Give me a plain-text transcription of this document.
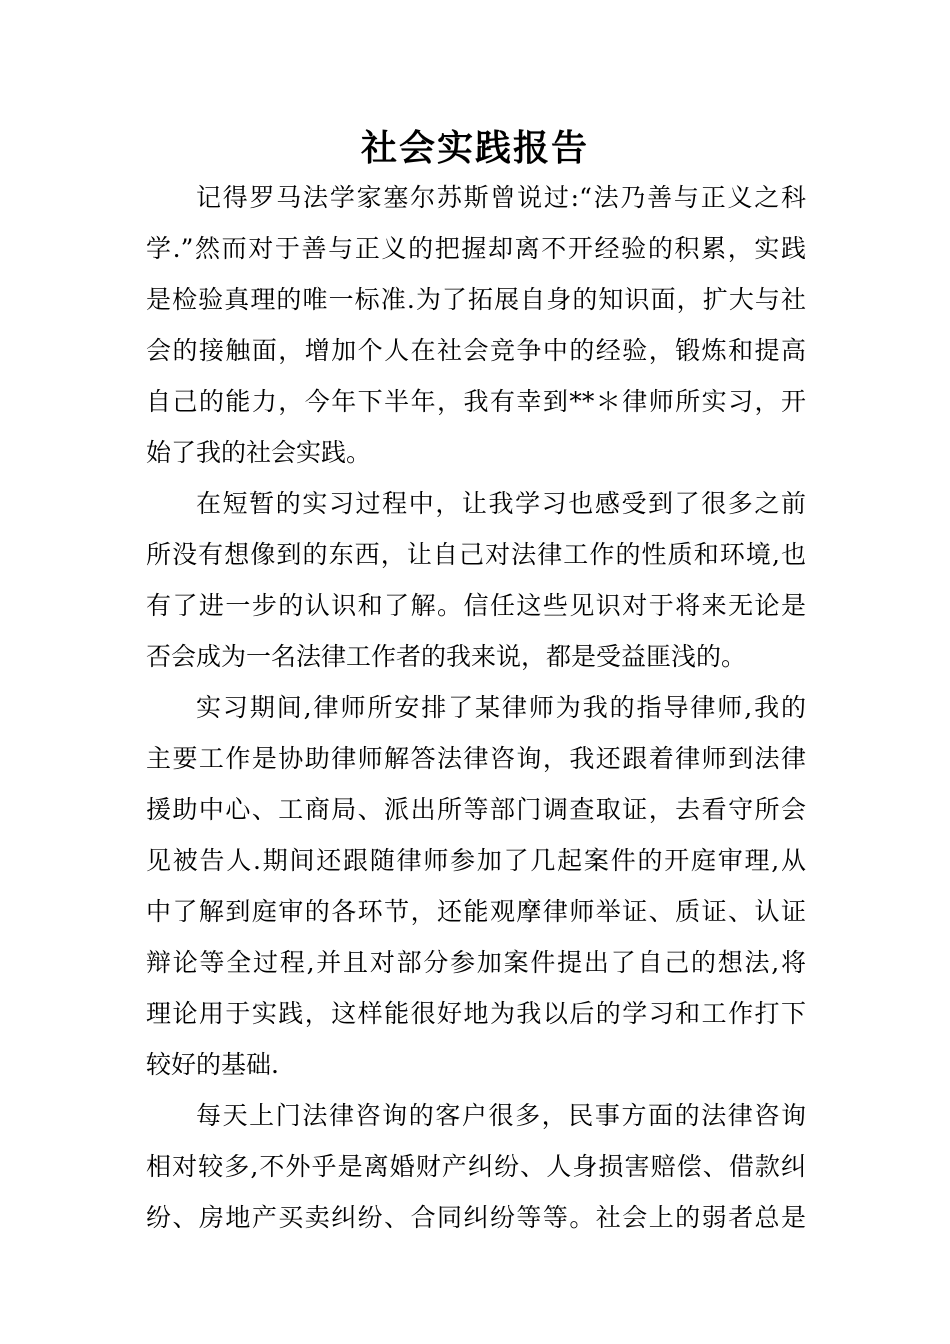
社会实践报告
记得罗马法学家塞尔苏斯曾说过:“法乃善与正义之科
学.”然而对于善与正义的把握却离不开经验的积累，实践
是检验真理的唯一标准.为了拓展自身的知识面，扩大与社
会的接触面，增加个人在社会竞争中的经验，锻炼和提高
自己的能力，今年下半年，我有幸到**＊律师所实习，开
始了我的社会实践。
在短暂的实习过程中，让我学习也感受到了很多之前
所没有想像到的东西，让自己对法律工作的性质和环境,也
有了进一步的认识和了解。信任这些见识对于将来无论是
否会成为一名法律工作者的我来说，都是受益匪浅的。
实习期间,律师所安排了某律师为我的指导律师,我的
主要工作是协助律师解答法律咨询，我还跟着律师到法律
援助中心、工商局、派出所等部门调查取证，去看守所会
见被告人.期间还跟随律师参加了几起案件的开庭审理,从
中了解到庭审的各环节，还能观摩律师举证、质证、认证
辩论等全过程,并且对部分参加案件提出了自己的想法,将
理论用于实践，这样能很好地为我以后的学习和工作打下
较好的基础.
每天上门法律咨询的客户很多，民事方面的法律咨询
相对较多,不外乎是离婚财产纠纷、人身损害赔偿、借款纠
纷、房地产买卖纠纷、合同纠纷等等。社会上的弱者总是
